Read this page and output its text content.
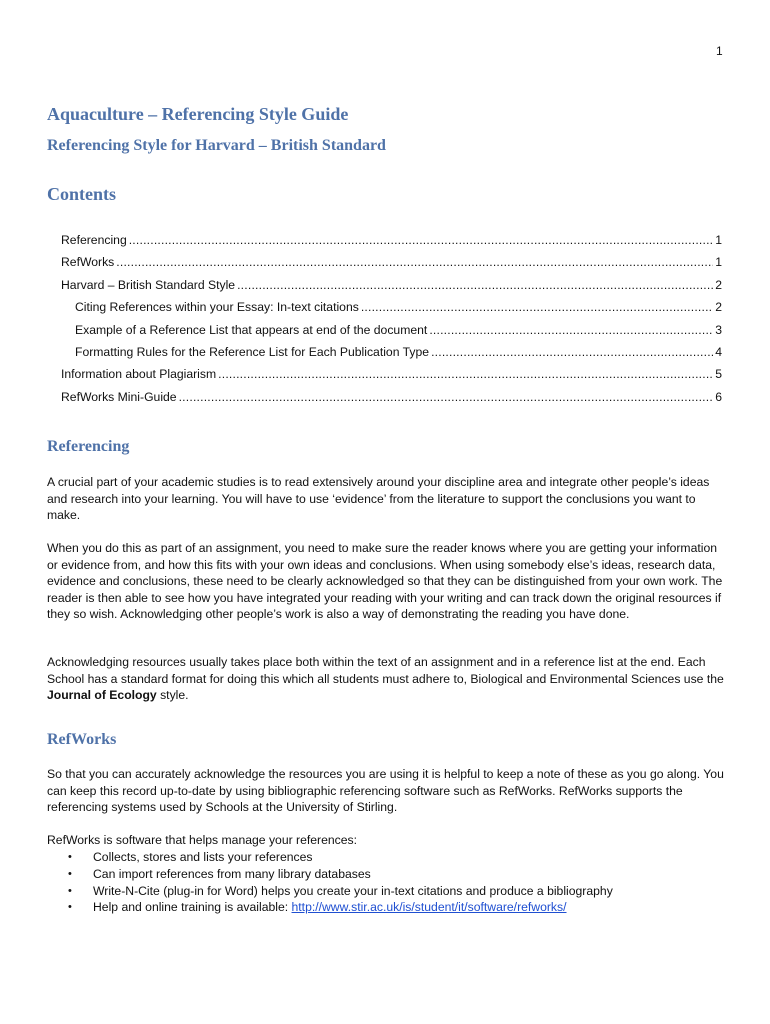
1
Aquaculture – Referencing Style Guide
Referencing Style for Harvard – British Standard
Contents
Referencing .....	1
RefWorks .....	1
Harvard – British Standard Style .....	2
Citing References within your Essay: In-text citations .....	2
Example of a Reference List that appears at end of the document .....	3
Formatting Rules for the Reference List for Each Publication Type .....	4
Information about Plagiarism .....	5
RefWorks Mini-Guide .....	6
Referencing

A crucial part of your academic studies is to read extensively around your discipline area and integrate other people’s ideas and research into your learning. You will have to use ‘evidence’ from the literature to support the conclusions you want to make.

When you do this as part of an assignment, you need to make sure the reader knows where you are getting your information or evidence from, and how this fits with your own ideas and conclusions. When using somebody else’s ideas, research data, evidence and conclusions, these need to be clearly acknowledged so that they can be distinguished from your own work. The reader is then able to see how you have integrated your reading with your writing and can track down the original resources if they so wish. Acknowledging other people’s work is also a way of demonstrating the reading you have done.

Acknowledging resources usually takes place both within the text of an assignment and in a reference list at the end. Each School has a standard format for doing this which all students must adhere to, Biological and Environmental Sciences use the Journal of Ecology style.

RefWorks

So that you can accurately acknowledge the resources you are using it is helpful to keep a note of these as you go along. You can keep this record up-to-date by using bibliographic referencing software such as RefWorks. RefWorks supports the referencing systems used by Schools at the University of Stirling.

RefWorks is software that helps manage your references:

• Collects, stores and lists your references
• Can import references from many library databases
• Write-N-Cite (plug-in for Word) helps you create your in-text citations and produce a bibliography
• Help and online training is available: http://www.stir.ac.uk/is/student/it/software/refworks/
